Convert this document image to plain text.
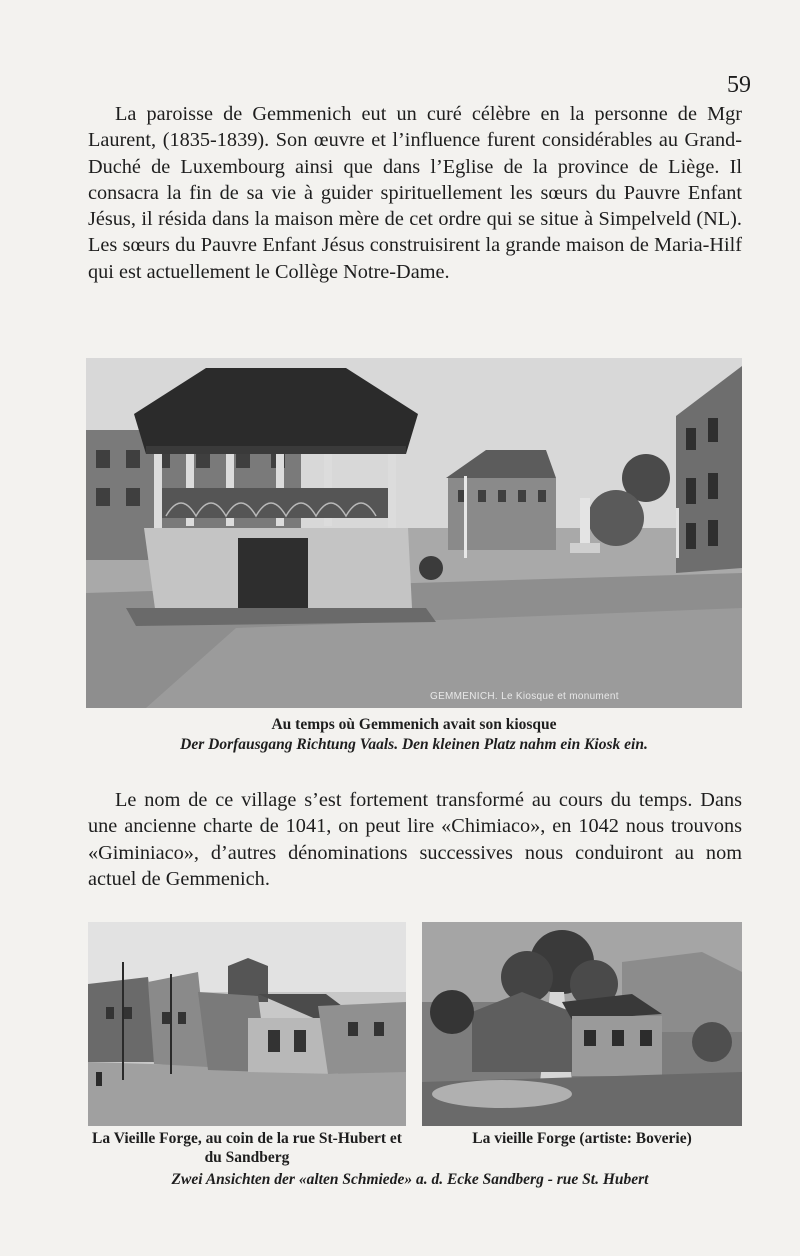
59

La paroisse de Gemmenich eut un curé célèbre en la personne de Mgr Laurent, (1835-1839). Son œuvre et l’influence furent considérables au Grand-Duché de Luxembourg ainsi que dans l’Eglise de la province de Liège. Il consacra la fin de sa vie à guider spirituellement les sœurs du Pauvre Enfant Jésus, il résida dans la maison mère de cet ordre qui se situe à Simpelveld (NL). Les sœurs du Pauvre Enfant Jésus construisirent la grande maison de Maria-Hilf qui est actuellement le Collège Notre-Dame.

GEMMENICH. Le Kiosque et monument

Au temps où Gemmenich avait son kiosque

Der Dorfausgang Richtung Vaals. Den kleinen Platz nahm ein Kiosk ein.

Le nom de ce village s’est fortement transformé au cours du temps. Dans une ancienne charte de 1041, on peut lire «Chimiaco», en 1042 nous trouvons «Giminiaco», d’autres dénominations successives nous conduiront au nom actuel de Gemmenich.

La Vieille Forge, au coin de la rue St-Hubert et du Sandberg

La vieille Forge (artiste: Boverie)

Zwei Ansichten der «alten Schmiede» a. d. Ecke Sandberg - rue St. Hubert
